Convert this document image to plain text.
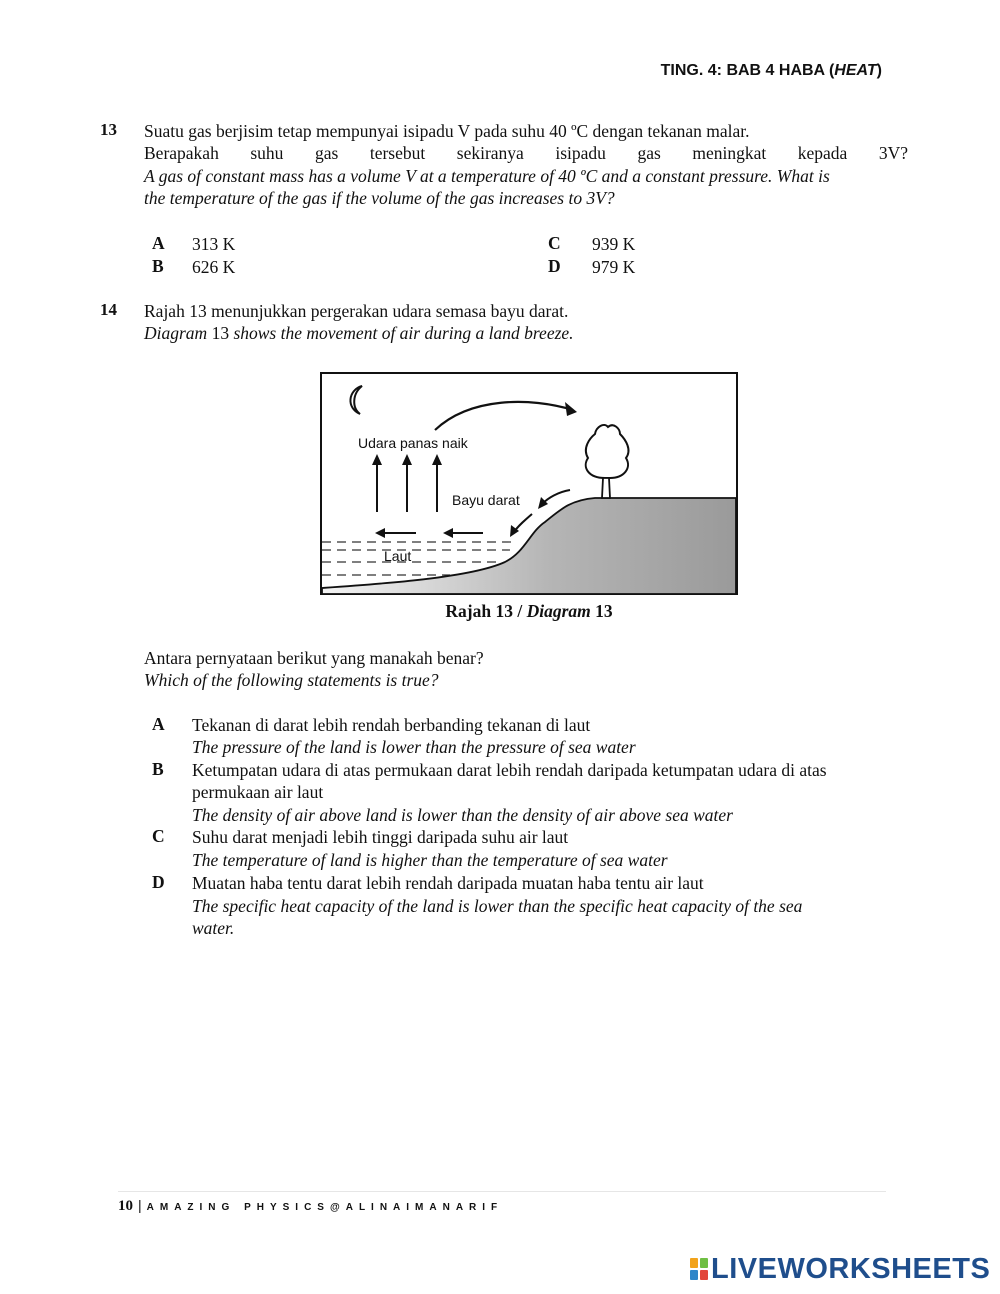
TING. 4: BAB 4 HABA (HEAT)
13 Suatu gas berjisim tetap mempunyai isipadu V pada suhu 40 ºC dengan tekanan malar.
Berapakah suhu gas tersebut sekiranya isipadu gas meningkat kepada 3V?
A gas of constant mass has a volume V at a temperature of 40 ºC and a constant pressure. What is
the temperature of the gas if the volume of the gas increases to 3V?
A 313 K
B 626 K
C 939 K
D 979 K
14 Rajah 13 menunjukkan pergerakan udara semasa bayu darat.
Diagram 13 shows the movement of air during a land breeze.
Udara panas naik
Bayu darat
Laut
Rajah 13 / Diagram 13
Antara pernyataan berikut yang manakah benar?
Which of the following statements is true?
A Tekanan di darat lebih rendah berbanding tekanan di laut
The pressure of the land is lower than the pressure of sea water
B Ketumpatan udara di atas permukaan darat lebih rendah daripada ketumpatan udara di atas
permukaan air laut
The density of air above land is lower than the density of air above sea water
C Suhu darat menjadi lebih tinggi daripada suhu air laut
The temperature of land is higher than the temperature of sea water
D Muatan haba tentu darat lebih rendah daripada muatan haba tentu air laut
The specific heat capacity of the land is lower than the specific heat capacity of the sea
water.
10 | AMAZING PHYSICS@ALINAIMANARIF
LIVEWORKSHEETS
